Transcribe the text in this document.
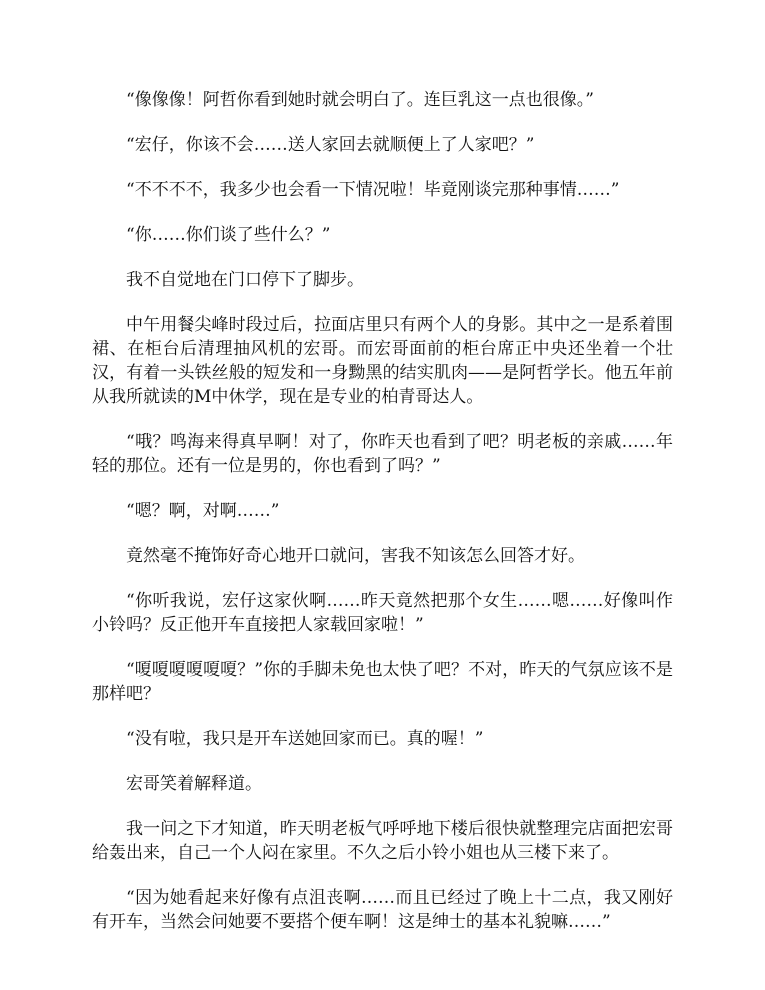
“像像像！阿哲你看到她时就会明白了。连巨乳这一点也很像。”

“宏仔，你该不会……送人家回去就顺便上了人家吧？”

“不不不不，我多少也会看一下情况啦！毕竟刚谈完那种事情……”

“你……你们谈了些什么？”

我不自觉地在门口停下了脚步。

中午用餐尖峰时段过后，拉面店里只有两个人的身影。其中之一是系着围裙、在柜台后清理抽风机的宏哥。而宏哥面前的柜台席正中央还坐着一个壮汉，有着一头铁丝般的短发和一身黝黑的结实肌肉——是阿哲学长。他五年前从我所就读的M中休学，现在是专业的柏青哥达人。

“哦？鸣海来得真早啊！对了，你昨天也看到了吧？明老板的亲戚……年轻的那位。还有一位是男的，你也看到了吗？”

“嗯？啊，对啊……”

竟然毫不掩饰好奇心地开口就问，害我不知该怎么回答才好。

“你听我说，宏仔这家伙啊……昨天竟然把那个女生……嗯……好像叫作小铃吗？反正他开车直接把人家载回家啦！”

“嗄嗄嗄嗄嗄嗄？”你的手脚未免也太快了吧？不对，昨天的气氛应该不是那样吧？

“没有啦，我只是开车送她回家而已。真的喔！”

宏哥笑着解释道。

我一问之下才知道，昨天明老板气呼呼地下楼后很快就整理完店面把宏哥给轰出来，自己一个人闷在家里。不久之后小铃小姐也从三楼下来了。

“因为她看起来好像有点沮丧啊……而且已经过了晚上十二点，我又刚好有开车，当然会问她要不要搭个便车啊！这是绅士的基本礼貌嘛……”
